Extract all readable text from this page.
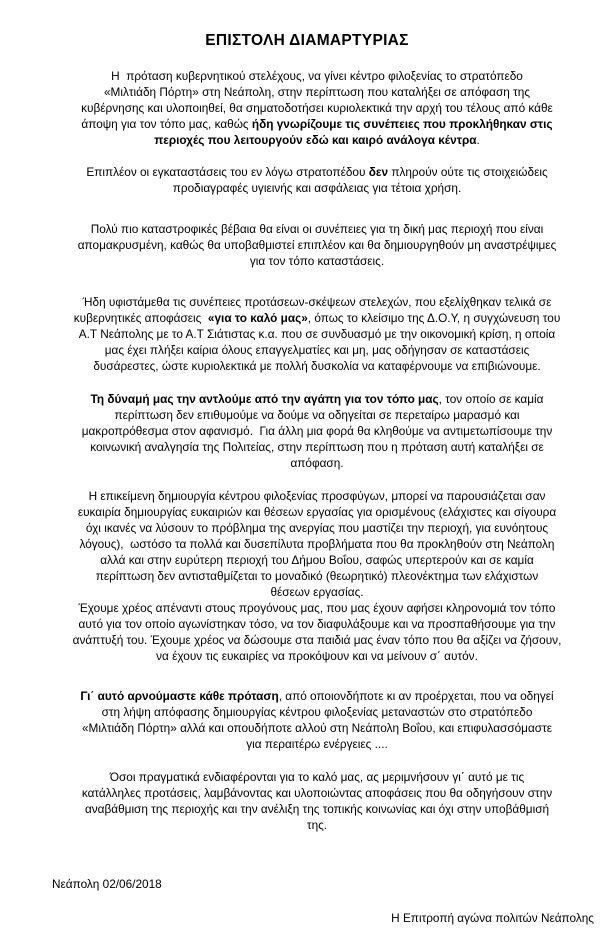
ΕΠΙΣΤΟΛΗ ΔΙΑΜΑΡΤΥΡΙΑΣ
Η  πρόταση κυβερνητικού στελέχους, να γίνει κέντρο φιλοξενίας το στρατόπεδο
«Μιλτιάδη Πόρτη» στη Νεάπολη, στην περίπτωση που καταλήξει σε απόφαση της
κυβέρνησης και υλοποιηθεί, θα σηματοδοτήσει κυριολεκτικά την αρχή του τέλους από κάθε
άποψη για τον τόπο μας, καθώς ήδη γνωρίζουμε τις συνέπειες που προκλήθηκαν στις
περιοχές που λειτουργούν εδώ και καιρό ανάλογα κέντρα.
Επιπλέον οι εγκαταστάσεις του εν λόγω στρατοπέδου δεν πληρούν ούτε τις στοιχειώδεις
προδιαγραφές υγιεινής και ασφάλειας για τέτοια χρήση.
Πολύ πιο καταστροφικές βέβαια θα είναι οι συνέπειες για τη δική μας περιοχή που είναι
απομακρυσμένη, καθώς θα υποβαθμιστεί επιπλέον και θα δημιουργηθούν μη αναστρέψιμες
για τον τόπο καταστάσεις.
Ήδη υφιστάμεθα τις συνέπειες προτάσεων-σκέψεων στελεχών, που εξελίχθηκαν τελικά σε
κυβερνητικές αποφάσεις  «για το καλό μας», όπως το κλείσιμο της Δ.Ο.Υ, η συγχώνευση του
Α.Τ Νεάπολης με το Α.Τ Σιάτιστας κ.α. που σε συνδυασμό με την οικονομική κρίση, η οποία
μας έχει πλήξει καίρια όλους επαγγελματίες και μη, μας οδήγησαν σε καταστάσεις
δυσάρεστες, ώστε κυριολεκτικά με πολλή δυσκολία να καταφέρνουμε να επιβιώνουμε.
Τη δύναμή μας την αντλούμε από την αγάπη για τον τόπο μας, τον οποίο σε καμία
περίπτωση δεν επιθυμούμε να δούμε να οδηγείται σε περεταίρω μαρασμό και
μακροπρόθεσμα στον αφανισμό.  Για άλλη μια φορά θα κληθούμε να αντιμετωπίσουμε την
κοινωνική αναλγησία της Πολιτείας, στην περίπτωση που η πρόταση αυτή καταλήξει σε
απόφαση.
Η επικείμενη δημιουργία κέντρου φιλοξενίας προσφύγων, μπορεί να παρουσιάζεται σαν
ευκαιρία δημιουργίας ευκαιριών και θέσεων εργασίας για ορισμένους (ελάχιστες και σίγουρα
όχι ικανές να λύσουν το πρόβλημα της ανεργίας που μαστίζει την περιοχή, για ευνόητους
λόγους),  ωστόσο τα πολλά και δυσεπίλυτα προβλήματα που θα προκληθούν στη Νεάπολη
αλλά και στην ευρύτερη περιοχή του Δήμου Βοΐου, σαφώς υπερτερούν και σε καμία
περίπτωση δεν αντισταθμίζεται το μοναδικό (θεωρητικό) πλεονέκτημα των ελάχιστων
θέσεων εργασίας.
Έχουμε χρέος απέναντι στους προγόνους μας, που μας έχουν αφήσει κληρονομιά τον τόπο
αυτό για τον οποίο αγωνίστηκαν τόσο, να τον διαφυλάξουμε και να προσπαθήσουμε για την
ανάπτυξή του. Έχουμε χρέος να δώσουμε στα παιδιά μας έναν τόπο που θα αξίζει να ζήσουν,
να έχουν τις ευκαιρίες να προκόψουν και να μείνουν σ΄ αυτόν.
Γι΄ αυτό αρνούμαστε κάθε πρόταση, από οποιονδήποτε κι αν προέρχεται, που να οδηγεί
στη λήψη απόφασης δημιουργίας κέντρου φιλοξενίας μεταναστών στο στρατόπεδο
«Μιλτιάδη Πόρτη» αλλά και οπουδήποτε αλλού στη Νεάπολη Βοΐου, και επιφυλασσόμαστε
για περαιτέρω ενέργειες ....
Όσοι πραγματικά ενδιαφέρονται για το καλό μας, ας μεριμνήσουν γι΄ αυτό με τις
κατάλληλες προτάσεις, λαμβάνοντας και υλοποιώντας αποφάσεις που θα οδηγήσουν στην
αναβάθμιση της περιοχής και την ανέλιξη της τοπικής κοινωνίας και όχι στην υποβάθμισή
της.
Νεάπολη 02/06/2018
Η Επιτροπή αγώνα πολιτών Νεάπολης
